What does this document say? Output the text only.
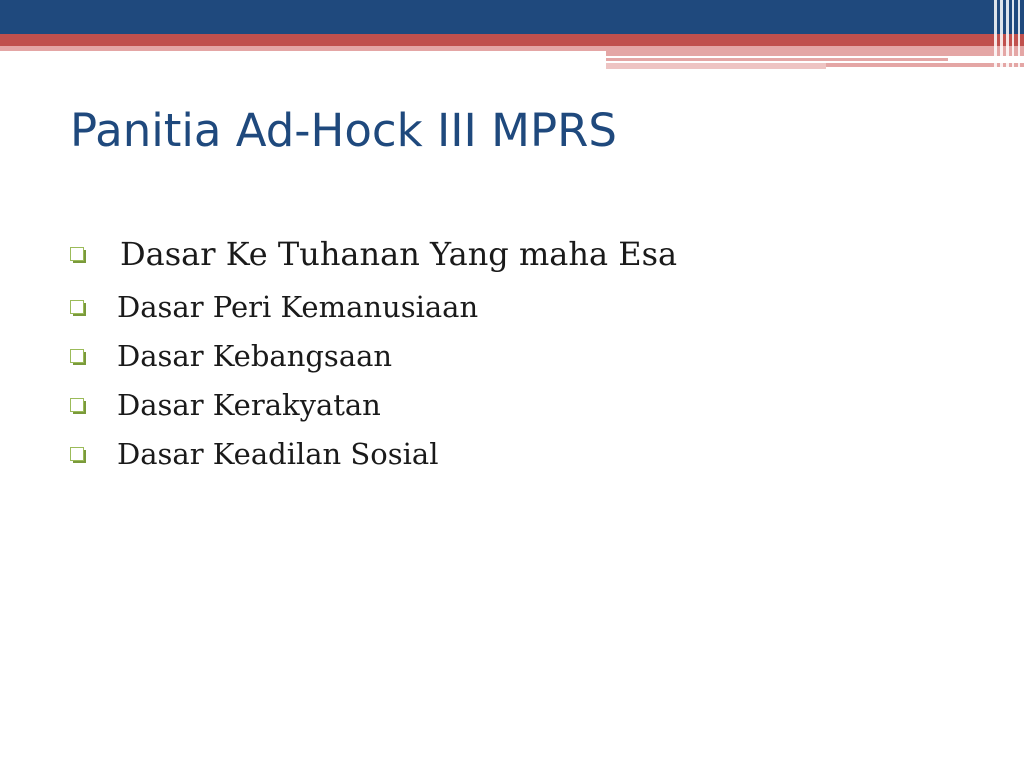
Panitia Ad-Hock III MPRS
Dasar Ke Tuhanan Yang maha Esa
Dasar Peri Kemanusiaan
Dasar Kebangsaan
Dasar Kerakyatan
Dasar Keadilan Sosial
